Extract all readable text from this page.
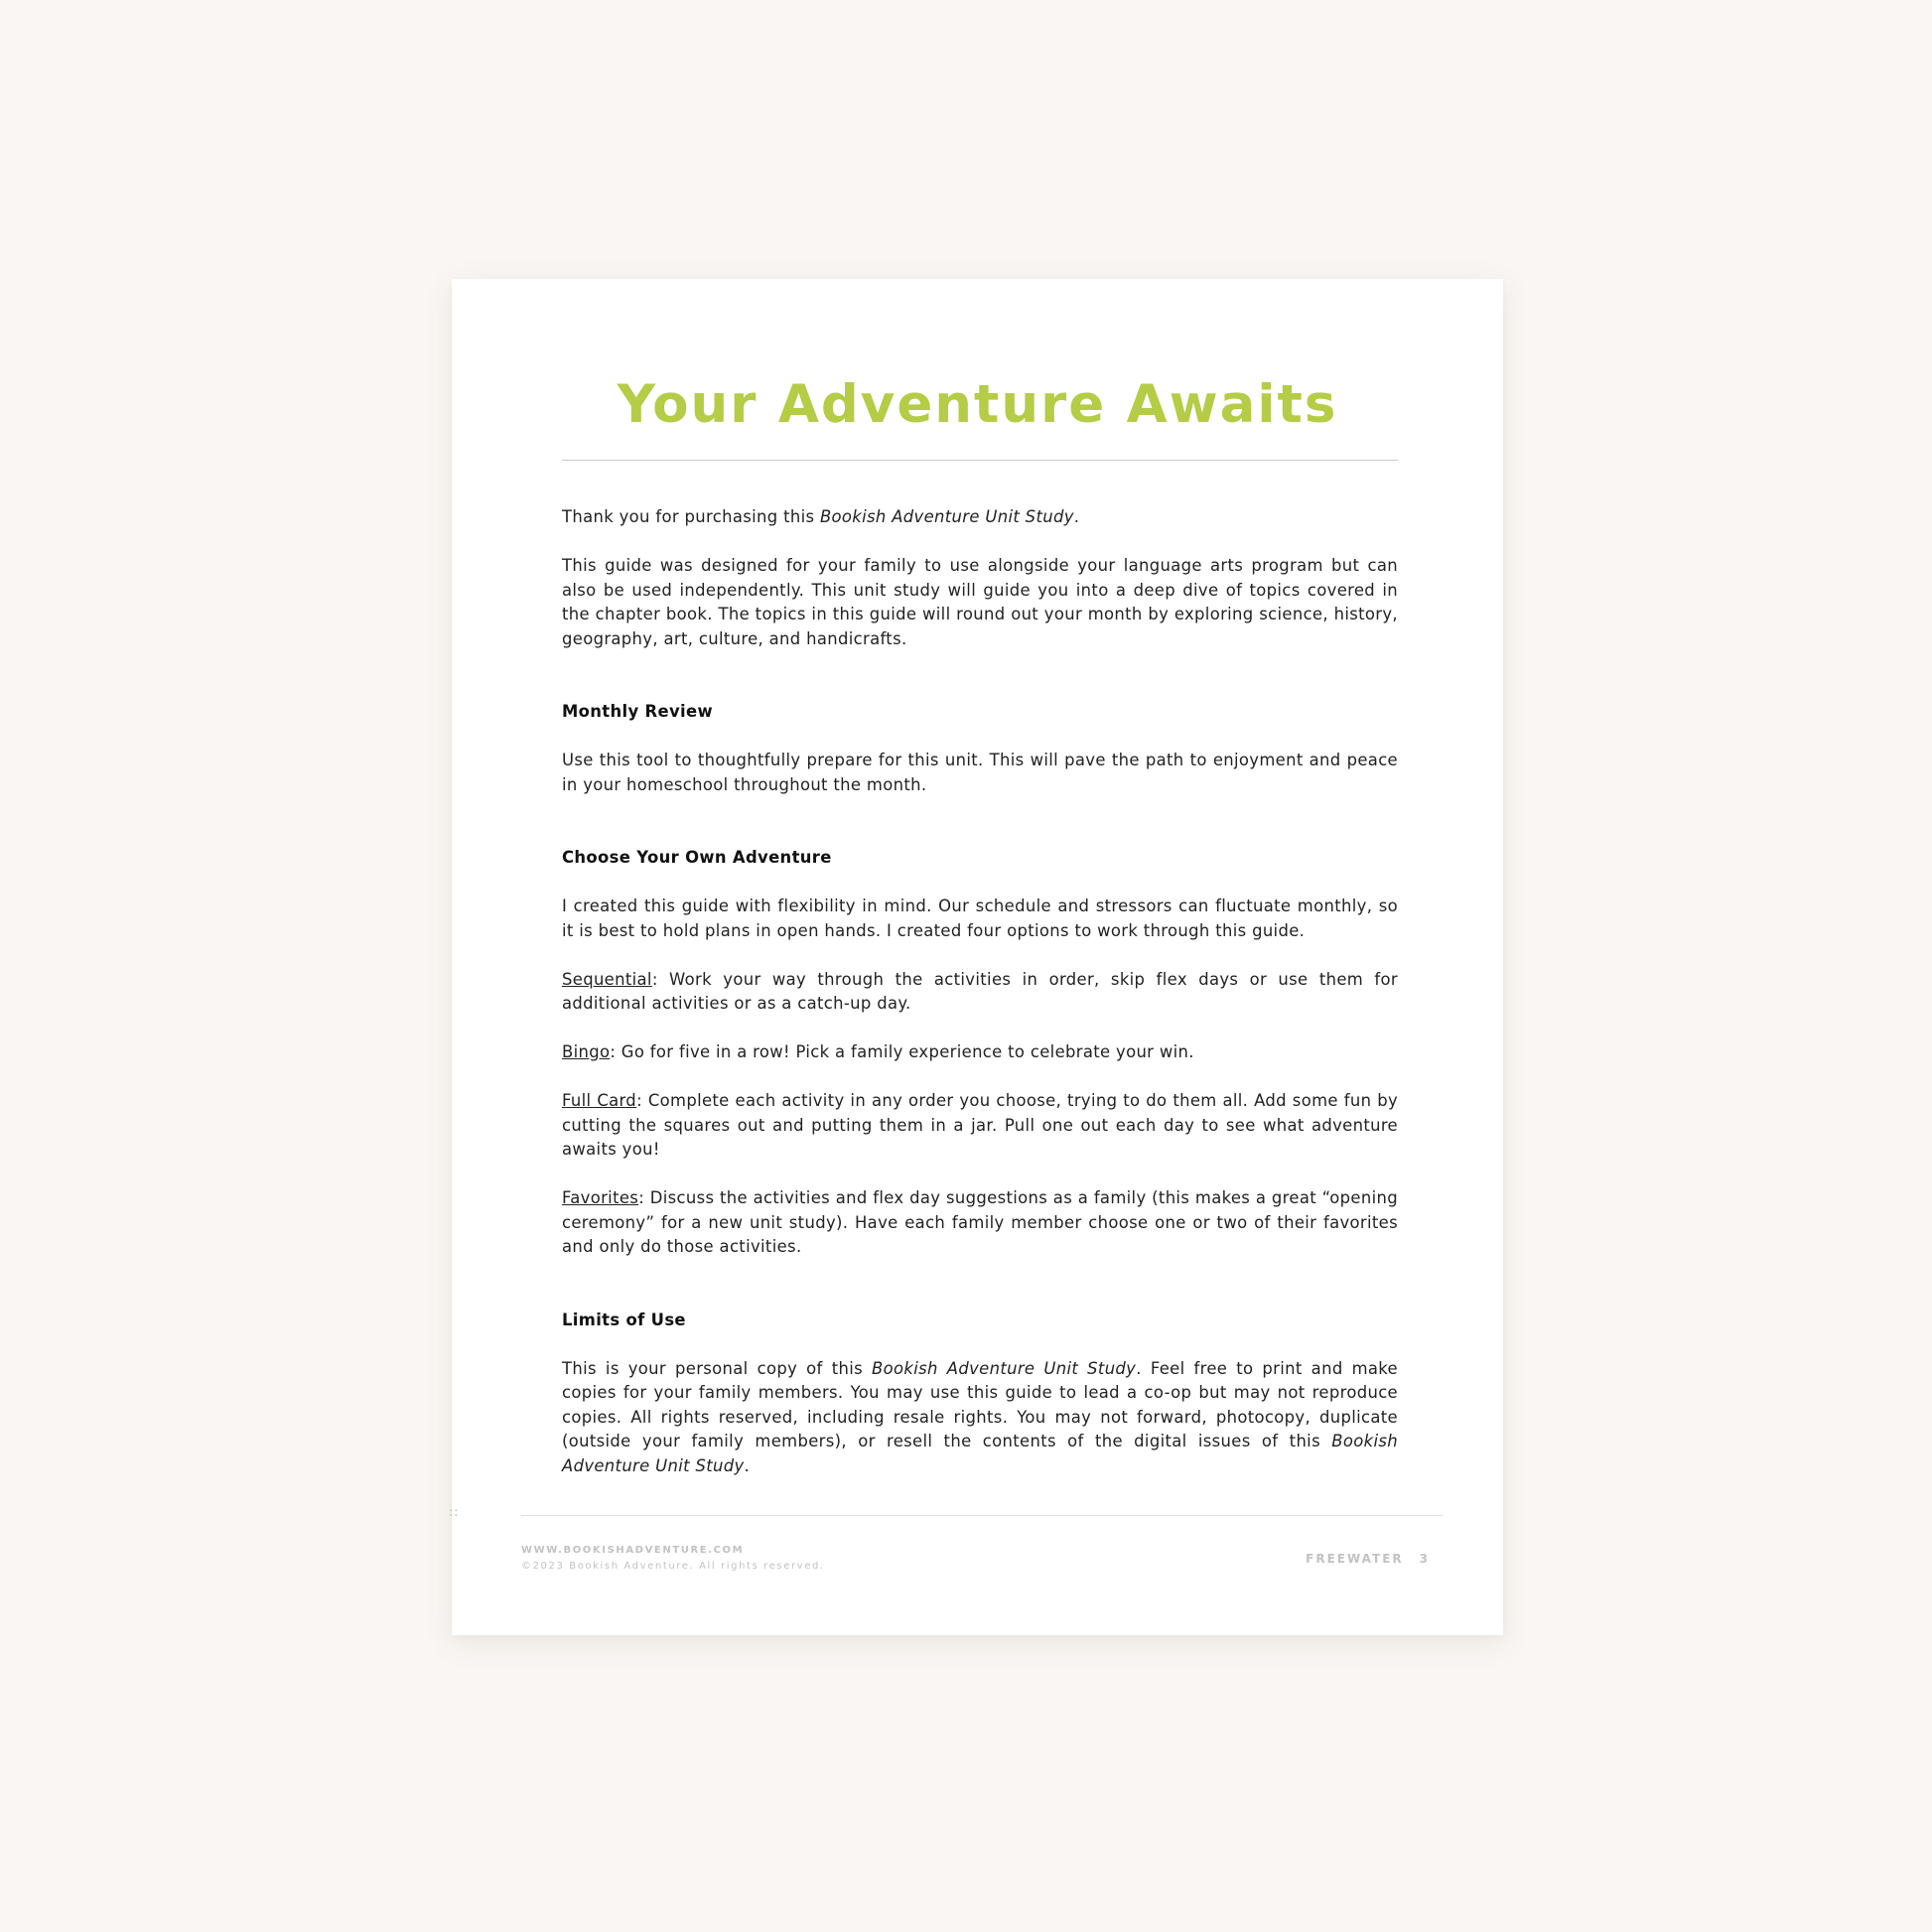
Your Adventure Awaits

Thank you for purchasing this Bookish Adventure Unit Study.

This guide was designed for your family to use alongside your language arts program but can also be used independently. This unit study will guide you into a deep dive of topics covered in the chapter book. The topics in this guide will round out your month by exploring science, history, geography, art, culture, and handicrafts.

Monthly Review

Use this tool to thoughtfully prepare for this unit. This will pave the path to enjoyment and peace in your homeschool throughout the month.

Choose Your Own Adventure

I created this guide with flexibility in mind. Our schedule and stressors can fluctuate monthly, so it is best to hold plans in open hands. I created four options to work through this guide.

Sequential: Work your way through the activities in order, skip flex days or use them for additional activities or as a catch-up day.

Bingo: Go for five in a row! Pick a family experience to celebrate your win.

Full Card: Complete each activity in any order you choose, trying to do them all. Add some fun by cutting the squares out and putting them in a jar. Pull one out each day to see what adventure awaits you!

Favorites: Discuss the activities and flex day suggestions as a family (this makes a great “opening ceremony” for a new unit study). Have each family member choose one or two of their favorites and only do those activities.

Limits of Use

This is your personal copy of this Bookish Adventure Unit Study. Feel free to print and make copies for your family members. You may use this guide to lead a co-op but may not reproduce copies. All rights reserved, including resale rights. You may not forward, photocopy, duplicate (outside your family members), or resell the contents of the digital issues of this Bookish Adventure Unit Study.

∷
WWW.BOOKISHADVENTURE.COM
©2023 Bookish Adventure. All rights reserved.
FREEWATER 3
